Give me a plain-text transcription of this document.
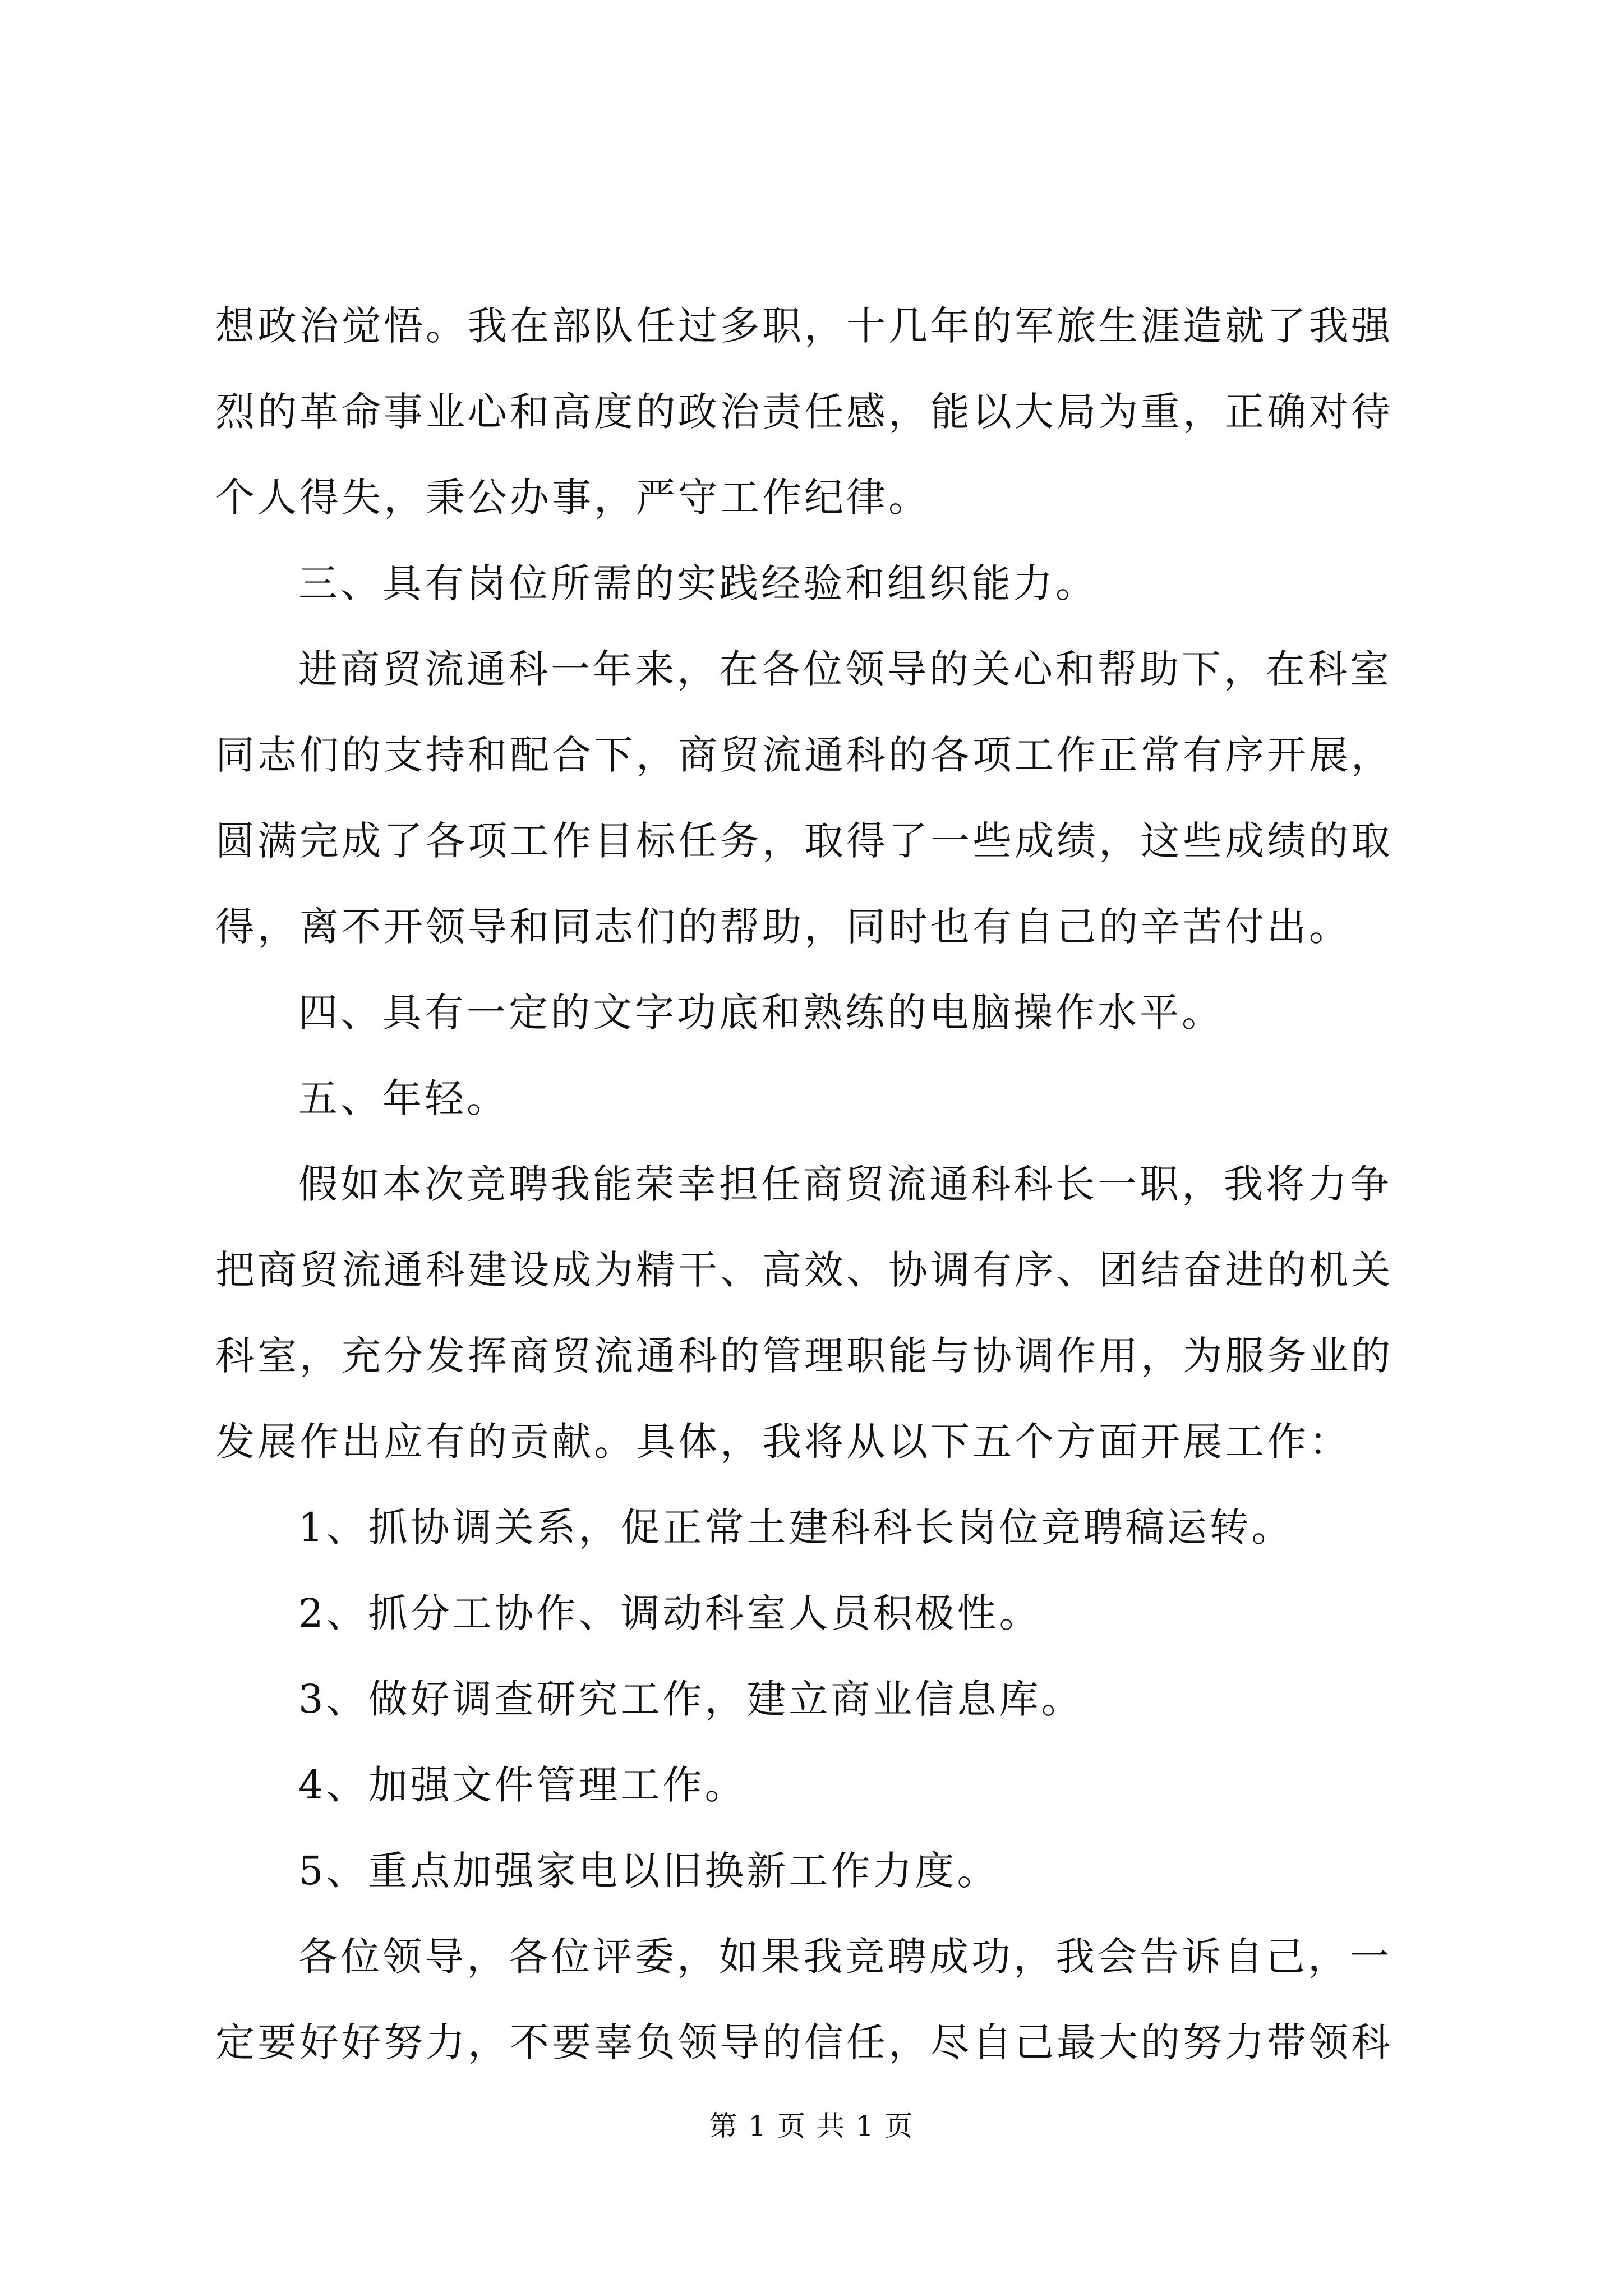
想政治觉悟。我在部队任过多职，十几年的军旅生涯造就了我强
烈的革命事业心和高度的政治责任感，能以大局为重，正确对待
个人得失，秉公办事，严守工作纪律。
三、具有岗位所需的实践经验和组织能力。
进商贸流通科一年来，在各位领导的关心和帮助下，在科室
同志们的支持和配合下，商贸流通科的各项工作正常有序开展，
圆满完成了各项工作目标任务，取得了一些成绩，这些成绩的取
得，离不开领导和同志们的帮助，同时也有自己的辛苦付出。
四、具有一定的文字功底和熟练的电脑操作水平。
五、年轻。
假如本次竞聘我能荣幸担任商贸流通科科长一职，我将力争
把商贸流通科建设成为精干、高效、协调有序、团结奋进的机关
科室，充分发挥商贸流通科的管理职能与协调作用，为服务业的
发展作出应有的贡献。具体，我将从以下五个方面开展工作：
1、抓协调关系，促正常土建科科长岗位竞聘稿运转。
2、抓分工协作、调动科室人员积极性。
3、做好调查研究工作，建立商业信息库。
4、加强文件管理工作。
5、重点加强家电以旧换新工作力度。
各位领导，各位评委，如果我竞聘成功，我会告诉自己，一
定要好好努力，不要辜负领导的信任，尽自己最大的努力带领科
第 1 页 共 1 页
